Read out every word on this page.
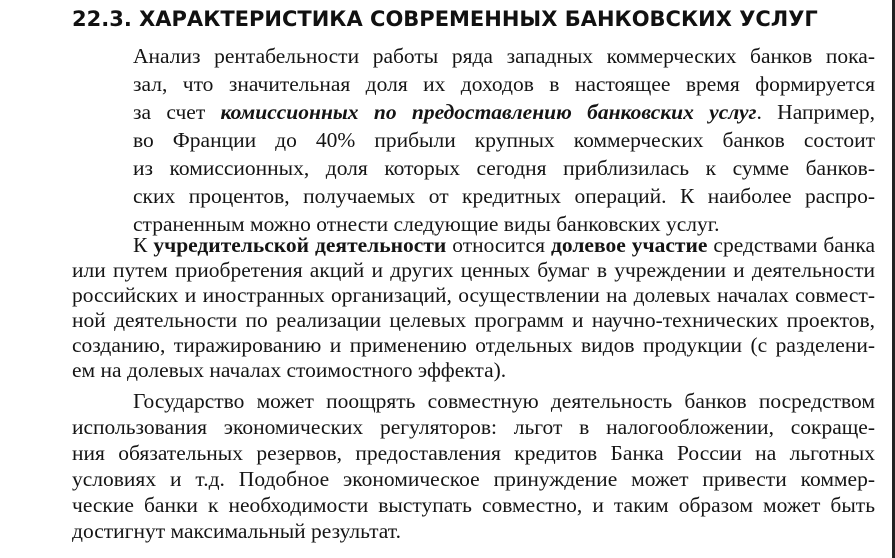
22.3. ХАРАКТЕРИСТИКА СОВРЕМЕННЫХ БАНКОВСКИХ УСЛУГ
Анализ рентабельности работы ряда западных коммерческих банков пока-
зал, что значительная доля их доходов в настоящее время формируется
за счет комиссионных по предоставлению банковских услуг. Например,
во Франции до 40% прибыли крупных коммерческих банков состоит
из комиссионных, доля которых сегодня приблизилась к сумме банков-
ских процентов, получаемых от кредитных операций. К наиболее распро-
страненным можно отнести следующие виды банковских услуг.
К учредительской деятельности относится долевое участие средствами банка
или путем приобретения акций и других ценных бумаг в учреждении и деятельности
российских и иностранных организаций, осуществлении на долевых началах совмест-
ной деятельности по реализации целевых программ и научно-технических проектов,
созданию, тиражированию и применению отдельных видов продукции (с разделени-
ем на долевых началах стоимостного эффекта).
Государство может поощрять совместную деятельность банков посредством
использования экономических регуляторов: льгот в налогообложении, сокраще-
ния обязательных резервов, предоставления кредитов Банка России на льготных
условиях и т.д. Подобное экономическое принуждение может привести коммер-
ческие банки к необходимости выступать совместно, и таким образом может быть
достигнут максимальный результат.
